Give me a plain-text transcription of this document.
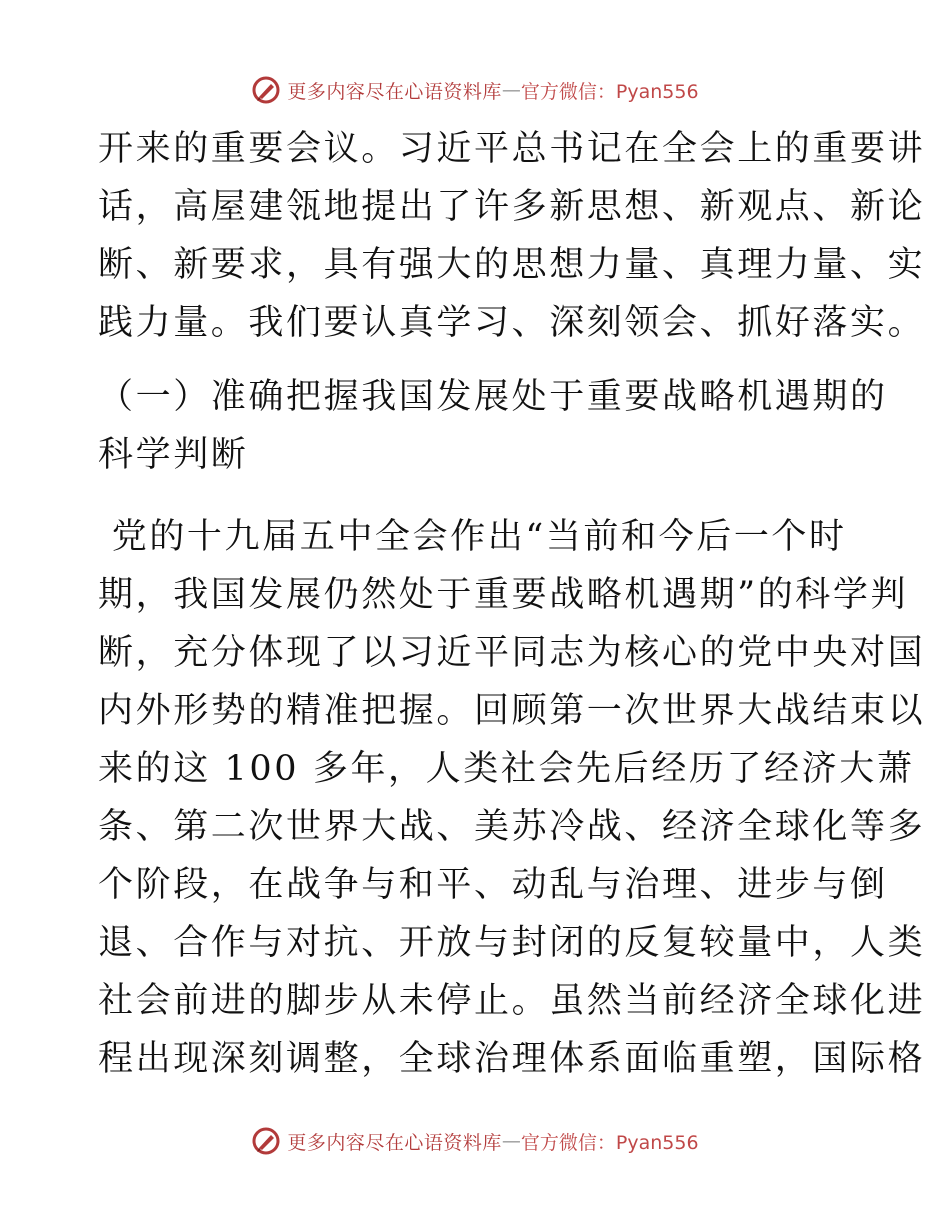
更多内容尽在心语资料库 — 官方微信：Pyan556
开来的重要会议。习近平总书记在全会上的重要讲
话，高屋建瓴地提出了许多新思想、新观点、新论
断、新要求，具有强大的思想力量、真理力量、实
践力量。我们要认真学习、深刻领会、抓好落实。
（一）准确把握我国发展处于重要战略机遇期的
科学判断
党的十九届五中全会作出“当前和今后一个时
期，我国发展仍然处于重要战略机遇期”的科学判
断，充分体现了以习近平同志为核心的党中央对国
内外形势的精准把握。回顾第一次世界大战结束以
来的这 100 多年，人类社会先后经历了经济大萧
条、第二次世界大战、美苏冷战、经济全球化等多
个阶段，在战争与和平、动乱与治理、进步与倒
退、合作与对抗、开放与封闭的反复较量中，人类
社会前进的脚步从未停止。虽然当前经济全球化进
程出现深刻调整，全球治理体系面临重塑，国际格
更多内容尽在心语资料库 — 官方微信：Pyan556
